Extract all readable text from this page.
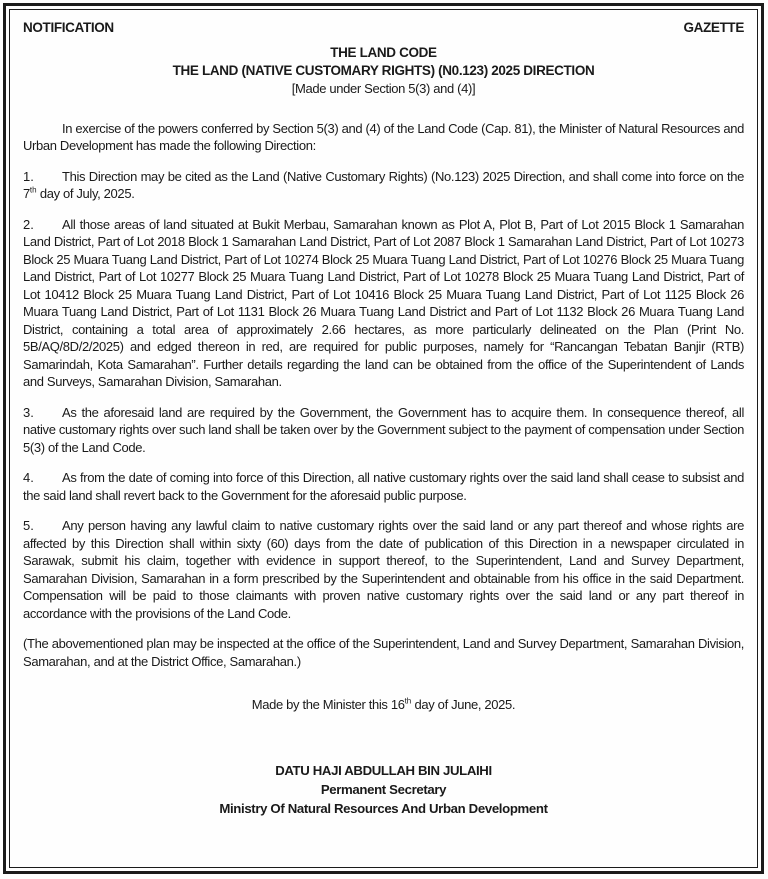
NOTIFICATION	GAZETTE
THE LAND CODE
THE LAND (NATIVE CUSTOMARY RIGHTS) (N0.123) 2025 DIRECTION
[Made under Section 5(3) and (4)]

In exercise of the powers conferred by Section 5(3) and (4) of the Land Code (Cap. 81), the Minister of Natural Resources and Urban Development has made the following Direction:

1. This Direction may be cited as the Land (Native Customary Rights) (No.123) 2025 Direction, and shall come into force on the 7th day of July, 2025.

2. All those areas of land situated at Bukit Merbau, Samarahan known as Plot A, Plot B, Part of Lot 2015 Block 1 Samarahan Land District, Part of Lot 2018 Block 1 Samarahan Land District, Part of Lot 2087 Block 1 Samarahan Land District, Part of Lot 10273 Block 25 Muara Tuang Land District, Part of Lot 10274 Block 25 Muara Tuang Land District, Part of Lot 10276 Block 25 Muara Tuang Land District, Part of Lot 10277 Block 25 Muara Tuang Land District, Part of Lot 10278 Block 25 Muara Tuang Land District, Part of Lot 10412 Block 25 Muara Tuang Land District, Part of Lot 10416 Block 25 Muara Tuang Land District, Part of Lot 1125 Block 26 Muara Tuang Land District, Part of Lot 1131 Block 26 Muara Tuang Land District and Part of Lot 1132 Block 26 Muara Tuang Land District, containing a total area of approximately 2.66 hectares, as more particularly delineated on the Plan (Print No. 5B/AQ/8D/2/2025) and edged thereon in red, are required for public purposes, namely for “Rancangan Tebatan Banjir (RTB) Samarindah, Kota Samarahan”. Further details regarding the land can be obtained from the office of the Superintendent of Lands and Surveys, Samarahan Division, Samarahan.

3. As the aforesaid land are required by the Government, the Government has to acquire them. In consequence thereof, all native customary rights over such land shall be taken over by the Government subject to the payment of compensation under Section 5(3) of the Land Code.

4. As from the date of coming into force of this Direction, all native customary rights over the said land shall cease to subsist and the said land shall revert back to the Government for the aforesaid public purpose.

5. Any person having any lawful claim to native customary rights over the said land or any part thereof and whose rights are affected by this Direction shall within sixty (60) days from the date of publication of this Direction in a newspaper circulated in Sarawak, submit his claim, together with evidence in support thereof, to the Superintendent, Land and Survey Department, Samarahan Division, Samarahan in a form prescribed by the Superintendent and obtainable from his office in the said Department. Compensation will be paid to those claimants with proven native customary rights over the said land or any part thereof in accordance with the provisions of the Land Code.

(The abovementioned plan may be inspected at the office of the Superintendent, Land and Survey Department, Samarahan Division, Samarahan, and at the District Office, Samarahan.)

Made by the Minister this 16th day of June, 2025.

DATU HAJI ABDULLAH BIN JULAIHI
Permanent Secretary
Ministry Of Natural Resources And Urban Development
